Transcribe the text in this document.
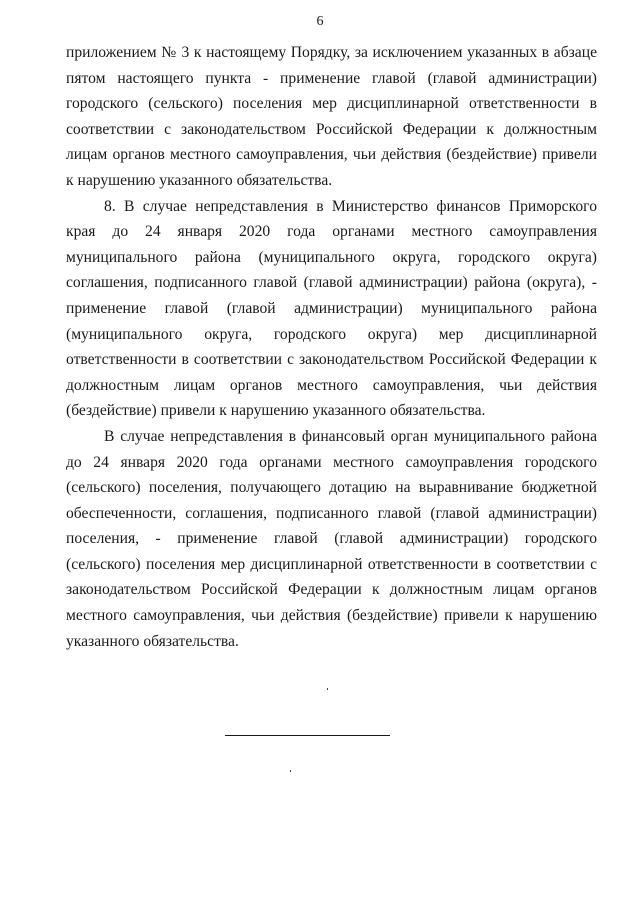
6

приложением № 3 к настоящему Порядку, за исключением указанных в абзаце пятом настоящего пункта - применение главой (главой администрации) городского (сельского) поселения мер дисциплинарной ответственности в соответствии с законодательством Российской Федерации к должностным лицам органов местного самоуправления, чьи действия (бездействие) привели к нарушению указанного обязательства.

8. В случае непредставления в Министерство финансов Приморского края до 24 января 2020 года органами местного самоуправления муниципального района (муниципального округа, городского округа) соглашения, подписанного главой (главой администрации) района (округа), - применение главой (главой администрации) муниципального района (муниципального округа, городского округа) мер дисциплинарной ответственности в соответствии с законодательством Российской Федерации к должностным лицам органов местного самоуправления, чьи действия (бездействие) привели к нарушению указанного обязательства.

В случае непредставления в финансовый орган муниципального района до 24 января 2020 года органами местного самоуправления городского (сельского) поселения, получающего дотацию на выравнивание бюджетной обеспеченности, соглашения, подписанного главой (главой администрации) поселения, - применение главой (главой администрации) городского (сельского) поселения мер дисциплинарной ответственности в соответствии с законодательством Российской Федерации к должностным лицам органов местного самоуправления, чьи действия (бездействие) привели к нарушению указанного обязательства.
